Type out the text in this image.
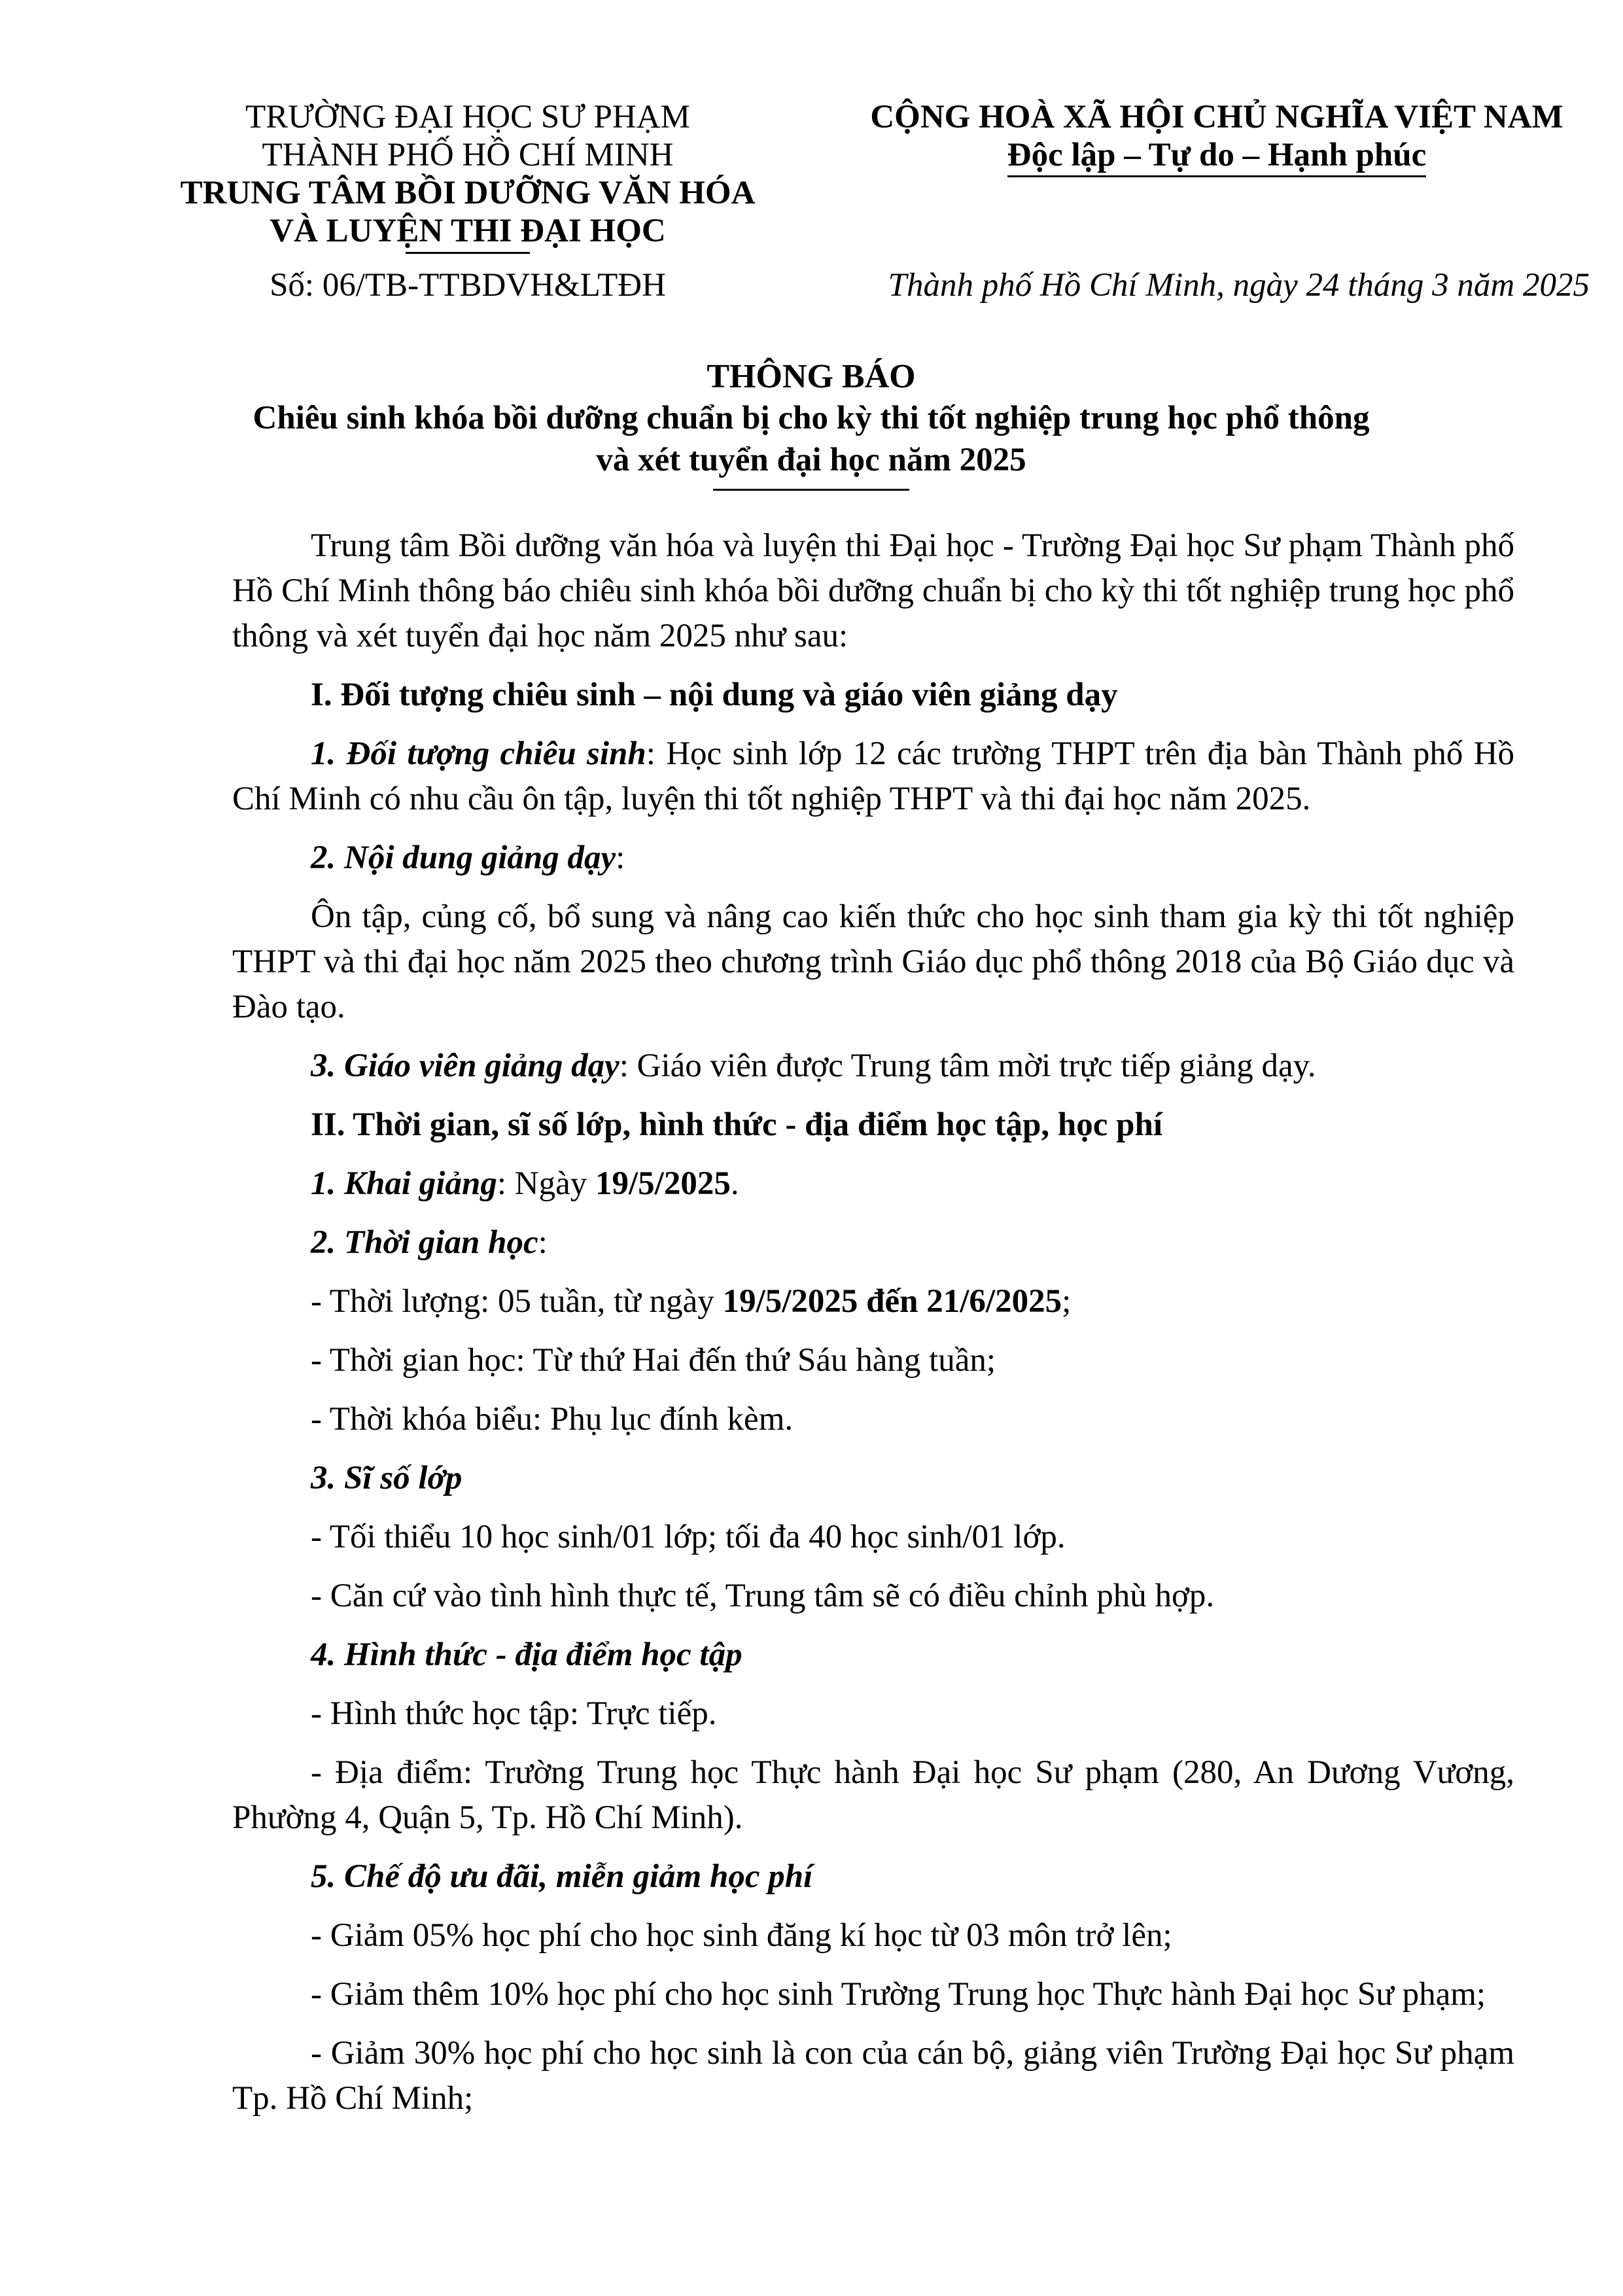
TRƯỜNG ĐẠI HỌC SƯ PHẠM
THÀNH PHỐ HỒ CHÍ MINH
TRUNG TÂM BỒI DƯỠNG VĂN HÓA
VÀ LUYỆN THI ĐẠI HỌC
CỘNG HOÀ XÃ HỘI CHỦ NGHĨA VIỆT NAM
Độc lập – Tự do – Hạnh phúc
Số: 06/TB-TTBDVH&LTĐH	Thành phố Hồ Chí Minh, ngày 24 tháng 3 năm 2025
THÔNG BÁO
Chiêu sinh khóa bồi dưỡng chuẩn bị cho kỳ thi tốt nghiệp trung học phổ thông
và xét tuyển đại học năm 2025

Trung tâm Bồi dưỡng văn hóa và luyện thi Đại học - Trường Đại học Sư phạm Thành phố Hồ Chí Minh thông báo chiêu sinh khóa bồi dưỡng chuẩn bị cho kỳ thi tốt nghiệp trung học phổ thông và xét tuyển đại học năm 2025 như sau:

I. Đối tượng chiêu sinh – nội dung và giáo viên giảng dạy

1. Đối tượng chiêu sinh: Học sinh lớp 12 các trường THPT trên địa bàn Thành phố Hồ Chí Minh có nhu cầu ôn tập, luyện thi tốt nghiệp THPT và thi đại học năm 2025.

2. Nội dung giảng dạy:

Ôn tập, củng cố, bổ sung và nâng cao kiến thức cho học sinh tham gia kỳ thi tốt nghiệp THPT và thi đại học năm 2025 theo chương trình Giáo dục phổ thông 2018 của Bộ Giáo dục và Đào tạo.

3. Giáo viên giảng dạy: Giáo viên được Trung tâm mời trực tiếp giảng dạy.

II. Thời gian, sĩ số lớp, hình thức - địa điểm học tập, học phí

1. Khai giảng: Ngày 19/5/2025.

2. Thời gian học:

- Thời lượng: 05 tuần, từ ngày 19/5/2025 đến 21/6/2025;

- Thời gian học: Từ thứ Hai đến thứ Sáu hàng tuần;

- Thời khóa biểu: Phụ lục đính kèm.

3. Sĩ số lớp

- Tối thiểu 10 học sinh/01 lớp; tối đa 40 học sinh/01 lớp.

- Căn cứ vào tình hình thực tế, Trung tâm sẽ có điều chỉnh phù hợp.

4. Hình thức - địa điểm học tập

- Hình thức học tập: Trực tiếp.

- Địa điểm: Trường Trung học Thực hành Đại học Sư phạm (280, An Dương Vương, Phường 4, Quận 5, Tp. Hồ Chí Minh).

5. Chế độ ưu đãi, miễn giảm học phí

- Giảm 05% học phí cho học sinh đăng kí học từ 03 môn trở lên;

- Giảm thêm 10% học phí cho học sinh Trường Trung học Thực hành Đại học Sư phạm;

- Giảm 30% học phí cho học sinh là con của cán bộ, giảng viên Trường Đại học Sư phạm Tp. Hồ Chí Minh;
